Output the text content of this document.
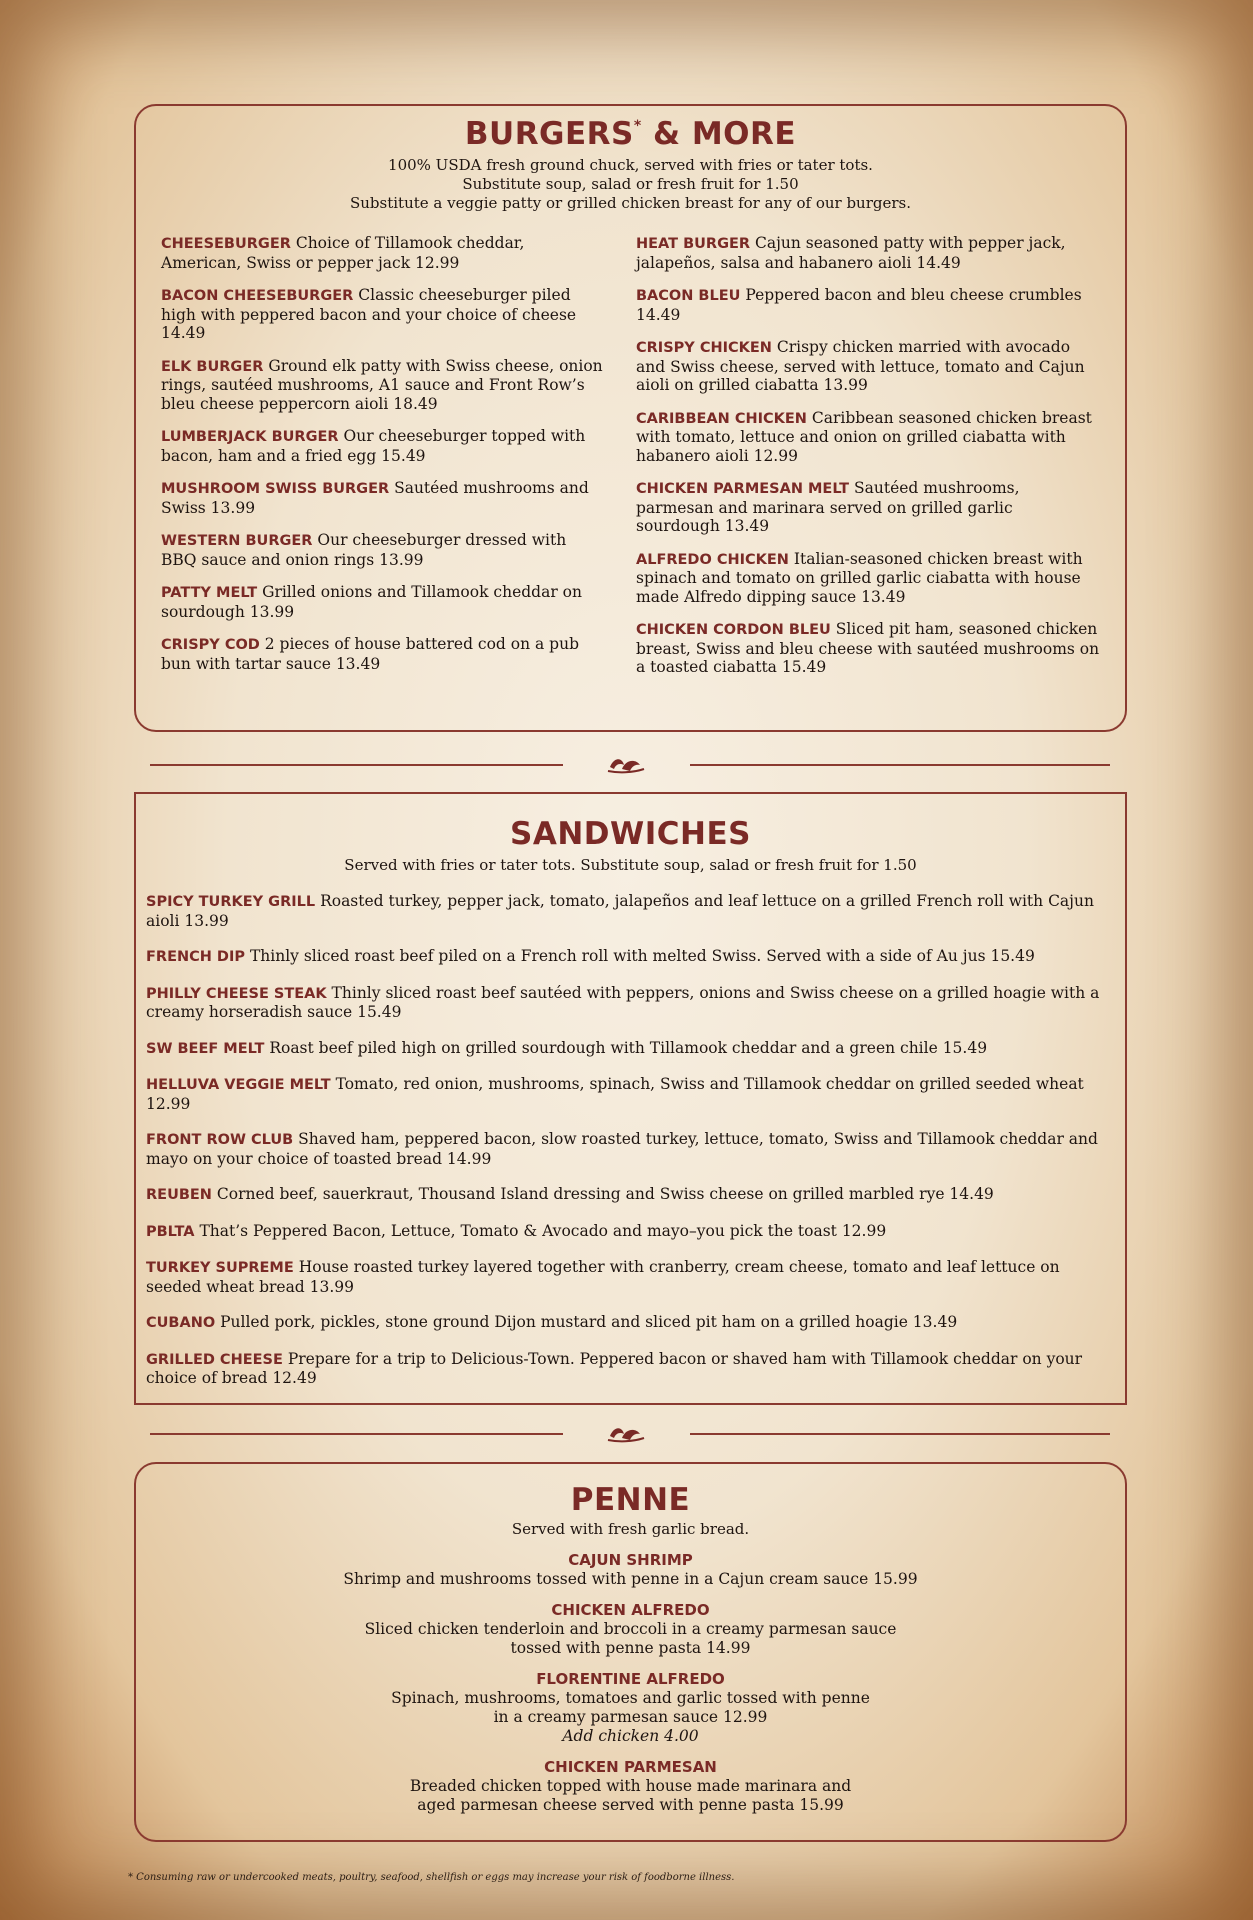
BURGERS* & MORE

100% USDA fresh ground chuck, served with fries or tater tots.

Substitute soup, salad or fresh fruit for 1.50

Substitute a veggie patty or grilled chicken breast for any of our burgers.

CHEESEBURGER Choice of Tillamook cheddar, American, Swiss or pepper jack 12.99

BACON CHEESEBURGER Classic cheeseburger piled high with peppered bacon and your choice of cheese 14.49

ELK BURGER Ground elk patty with Swiss cheese, onion rings, sautéed mushrooms, A1 sauce and Front Row’s bleu cheese peppercorn aioli 18.49

LUMBERJACK BURGER Our cheeseburger topped with bacon, ham and a fried egg 15.49

MUSHROOM SWISS BURGER Sautéed mushrooms and Swiss 13.99

WESTERN BURGER Our cheeseburger dressed with BBQ sauce and onion rings 13.99

PATTY MELT Grilled onions and Tillamook cheddar on sourdough 13.99

CRISPY COD 2 pieces of house battered cod on a pub bun with tartar sauce 13.49

HEAT BURGER Cajun seasoned patty with pepper jack, jalapeños, salsa and habanero aioli 14.49

BACON BLEU Peppered bacon and bleu cheese crumbles 14.49

CRISPY CHICKEN Crispy chicken married with avocado and Swiss cheese, served with lettuce, tomato and Cajun aioli on grilled ciabatta 13.99

CARIBBEAN CHICKEN Caribbean seasoned chicken breast with tomato, lettuce and onion on grilled ciabatta with habanero aioli 12.99

CHICKEN PARMESAN MELT Sautéed mushrooms, parmesan and marinara served on grilled garlic sourdough 13.49

ALFREDO CHICKEN Italian-seasoned chicken breast with spinach and tomato on grilled garlic ciabatta with house made Alfredo dipping sauce 13.49

CHICKEN CORDON BLEU Sliced pit ham, seasoned chicken breast, Swiss and bleu cheese with sautéed mushrooms on a toasted ciabatta 15.49

SANDWICHES

Served with fries or tater tots. Substitute soup, salad or fresh fruit for 1.50

SPICY TURKEY GRILL Roasted turkey, pepper jack, tomato, jalapeños and leaf lettuce on a grilled French roll with Cajun aioli 13.99

FRENCH DIP Thinly sliced roast beef piled on a French roll with melted Swiss. Served with a side of Au jus 15.49

PHILLY CHEESE STEAK Thinly sliced roast beef sautéed with peppers, onions and Swiss cheese on a grilled hoagie with a creamy horseradish sauce 15.49

SW BEEF MELT Roast beef piled high on grilled sourdough with Tillamook cheddar and a green chile 15.49

HELLUVA VEGGIE MELT Tomato, red onion, mushrooms, spinach, Swiss and Tillamook cheddar on grilled seeded wheat 12.99

FRONT ROW CLUB Shaved ham, peppered bacon, slow roasted turkey, lettuce, tomato, Swiss and Tillamook cheddar and mayo on your choice of toasted bread 14.99

REUBEN Corned beef, sauerkraut, Thousand Island dressing and Swiss cheese on grilled marbled rye 14.49

PBLTA That’s Peppered Bacon, Lettuce, Tomato & Avocado and mayo–you pick the toast 12.99

TURKEY SUPREME House roasted turkey layered together with cranberry, cream cheese, tomato and leaf lettuce on seeded wheat bread 13.99

CUBANO Pulled pork, pickles, stone ground Dijon mustard and sliced pit ham on a grilled hoagie 13.49

GRILLED CHEESE Prepare for a trip to Delicious-Town. Peppered bacon or shaved ham with Tillamook cheddar on your choice of bread 12.49

PENNE

Served with fresh garlic bread.

CAJUN SHRIMP
Shrimp and mushrooms tossed with penne in a Cajun cream sauce 15.99
CHICKEN ALFREDO
Sliced chicken tenderloin and broccoli in a creamy parmesan sauce
tossed with penne pasta 14.99
FLORENTINE ALFREDO
Spinach, mushrooms, tomatoes and garlic tossed with penne
in a creamy parmesan sauce 12.99
Add chicken 4.00
CHICKEN PARMESAN
Breaded chicken topped with house made marinara and
aged parmesan cheese served with penne pasta 15.99
* Consuming raw or undercooked meats, poultry, seafood, shellfish or eggs may increase your risk of foodborne illness.
